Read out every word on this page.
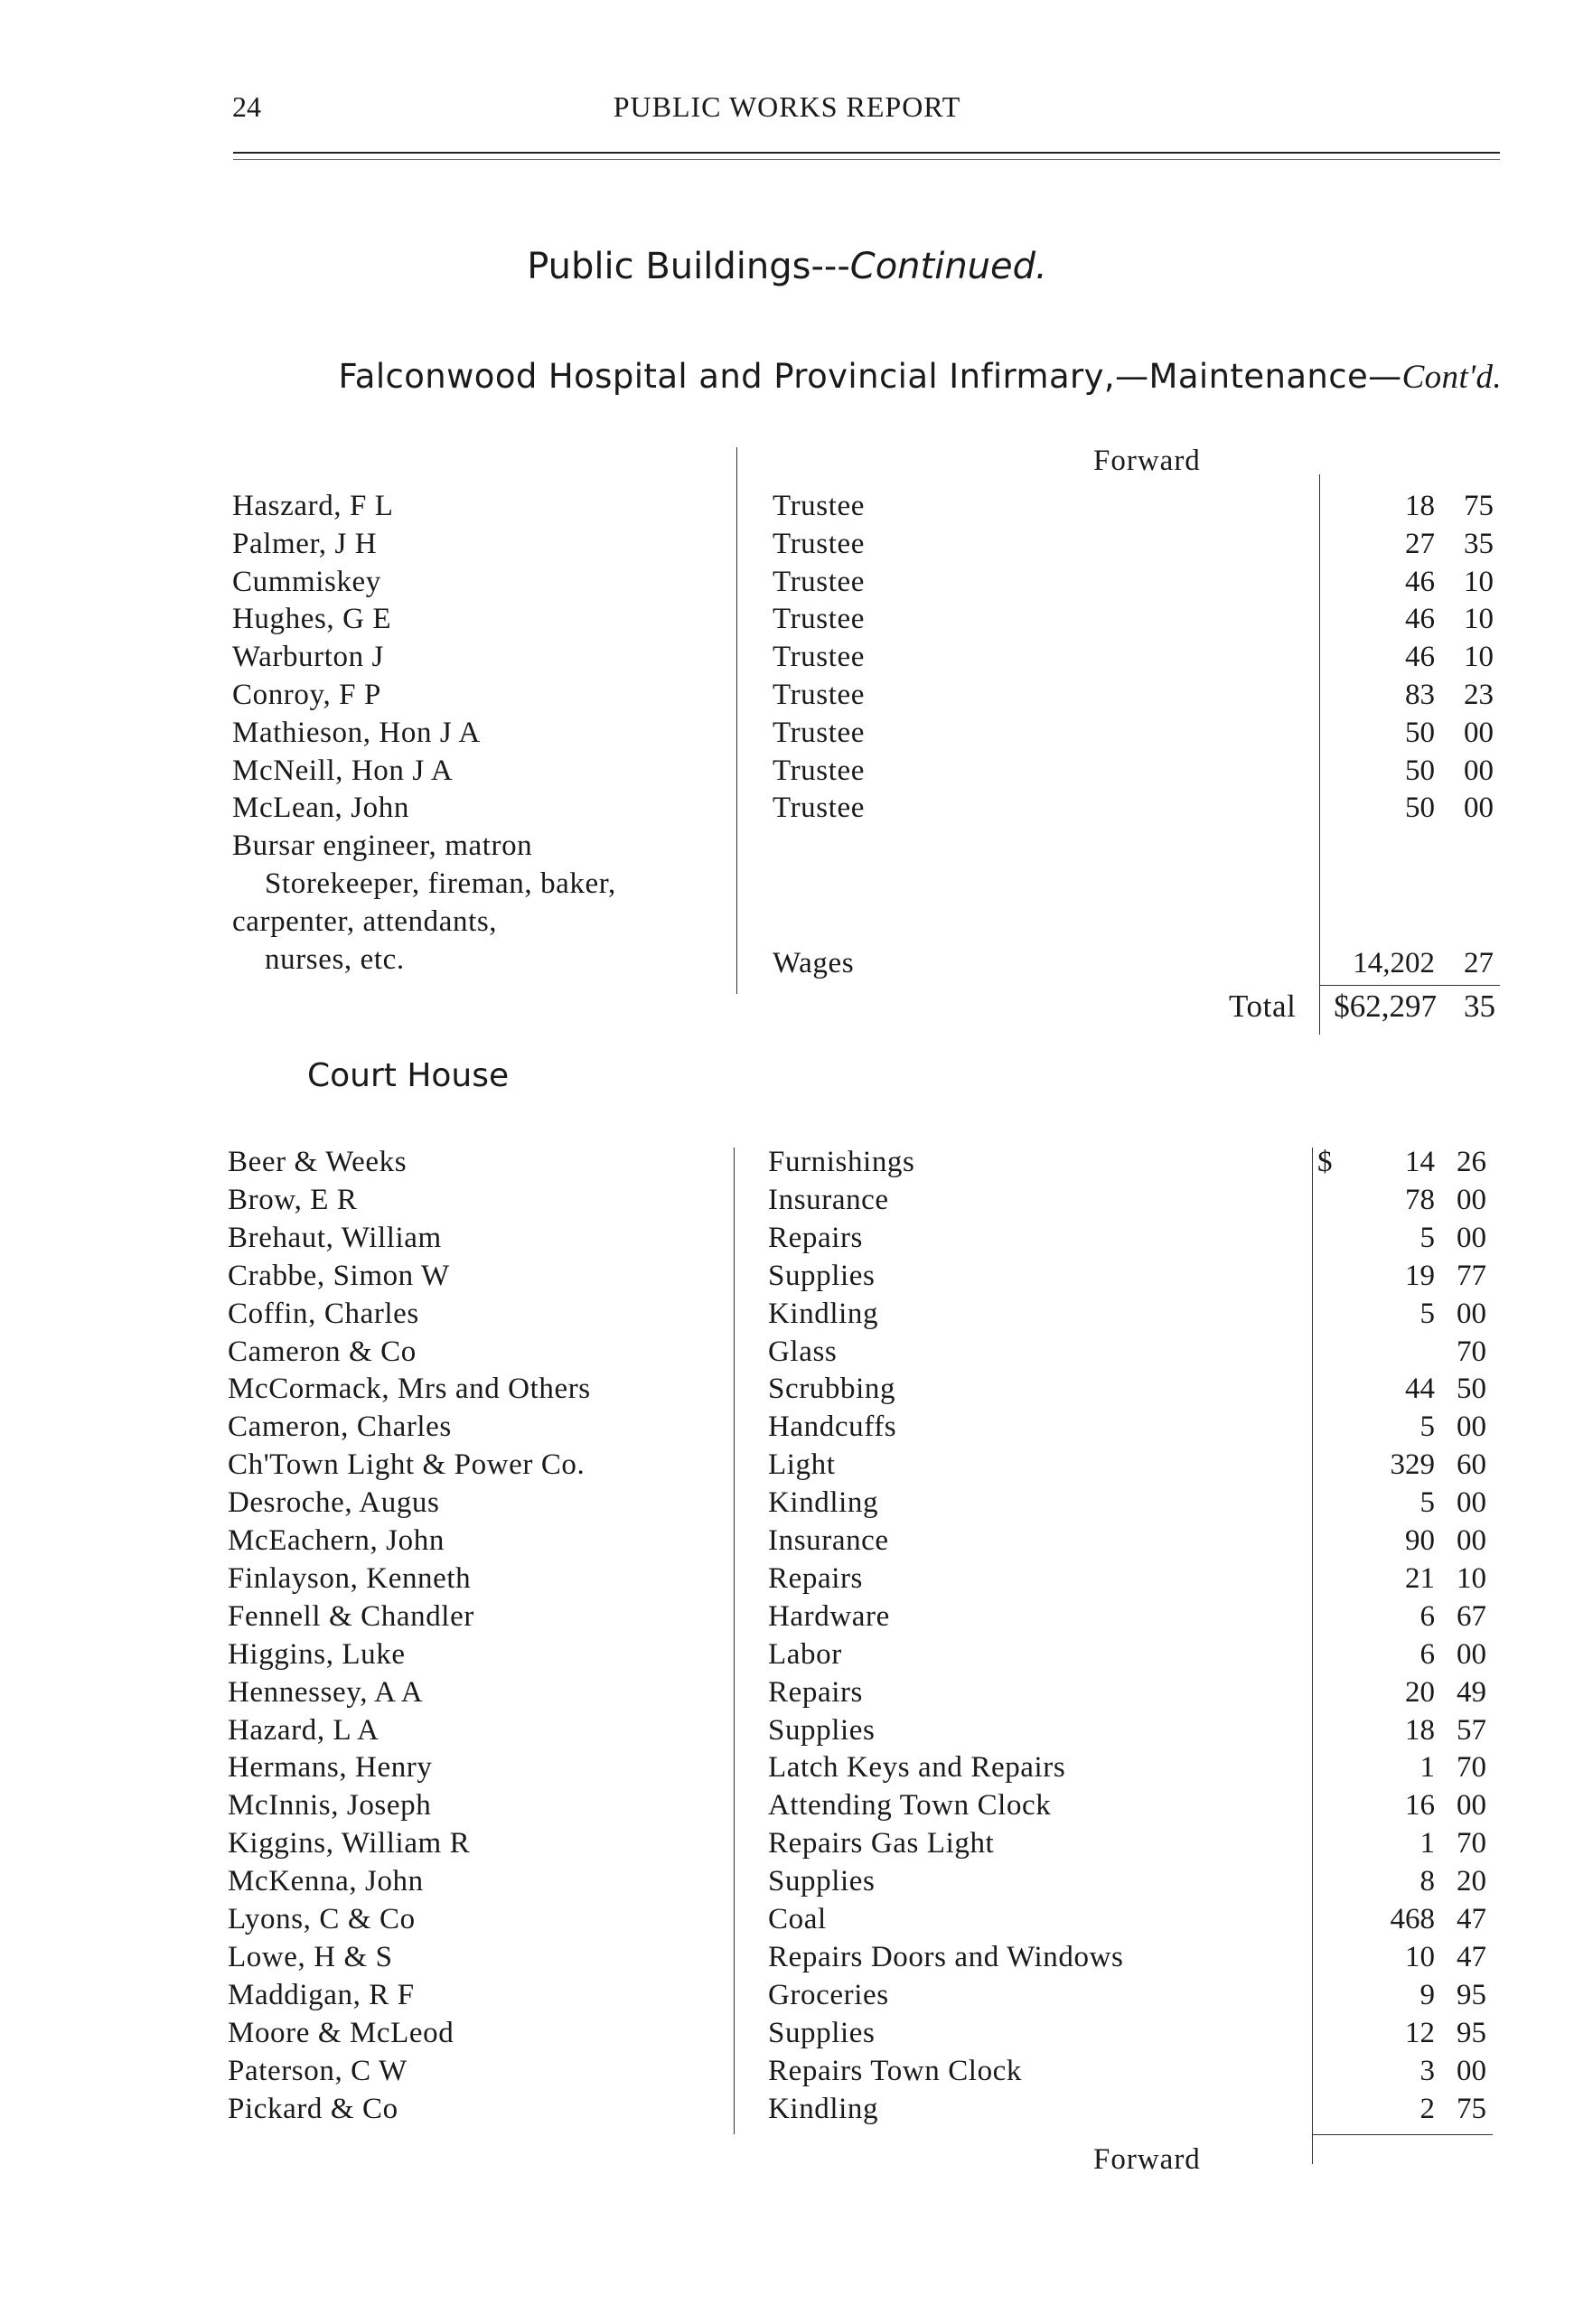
24	PUBLIC WORKS REPORT
Public Buildings---Continued.
Falconwood Hospital and Provincial Infirmary,—Maintenance—Cont'd.
Forward
Haszard, F L	Trustee	18 75
Palmer, J H	Trustee	27 35
Cummiskey	Trustee	46 10
Hughes, G E	Trustee	46 10
Warburton J	Trustee	46 10
Conroy, F P	Trustee	83 23
Mathieson, Hon J A	Trustee	50 00
McNeill, Hon J A	Trustee	50 00
McLean, John	Trustee	50 00
Bursar engineer, matron
Storekeeper, fireman, baker,
carpenter, attendants,
nurses, etc.	Wages	14,202 27
Total	$62,297 35
Court House
Beer & Weeks	Furnishings	14 26
$
Brow, E R	Insurance	78 00
Brehaut, William	Repairs	5 00
Crabbe, Simon W	Supplies	19 77
Coffin, Charles	Kindling	5 00
Cameron & Co	Glass	70
McCormack, Mrs and Others	Scrubbing	44 50
Cameron, Charles	Handcuffs	5 00
Ch'Town Light & Power Co.	Light	329 60
Desroche, Augus	Kindling	5 00
McEachern, John	Insurance	90 00
Finlayson, Kenneth	Repairs	21 10
Fennell & Chandler	Hardware	6 67
Higgins, Luke	Labor	6 00
Hennessey, A A	Repairs	20 49
Hazard, L A	Supplies	18 57
Hermans, Henry	Latch Keys and Repairs	1 70
McInnis, Joseph	Attending Town Clock	16 00
Kiggins, William R	Repairs Gas Light	1 70
McKenna, John	Supplies	8 20
Lyons, C & Co	Coal	468 47
Lowe, H & S	Repairs Doors and Windows	10 47
Maddigan, R F	Groceries	9 95
Moore & McLeod	Supplies	12 95
Paterson, C W	Repairs Town Clock	3 00
Pickard & Co	Kindling	2 75
Forward
